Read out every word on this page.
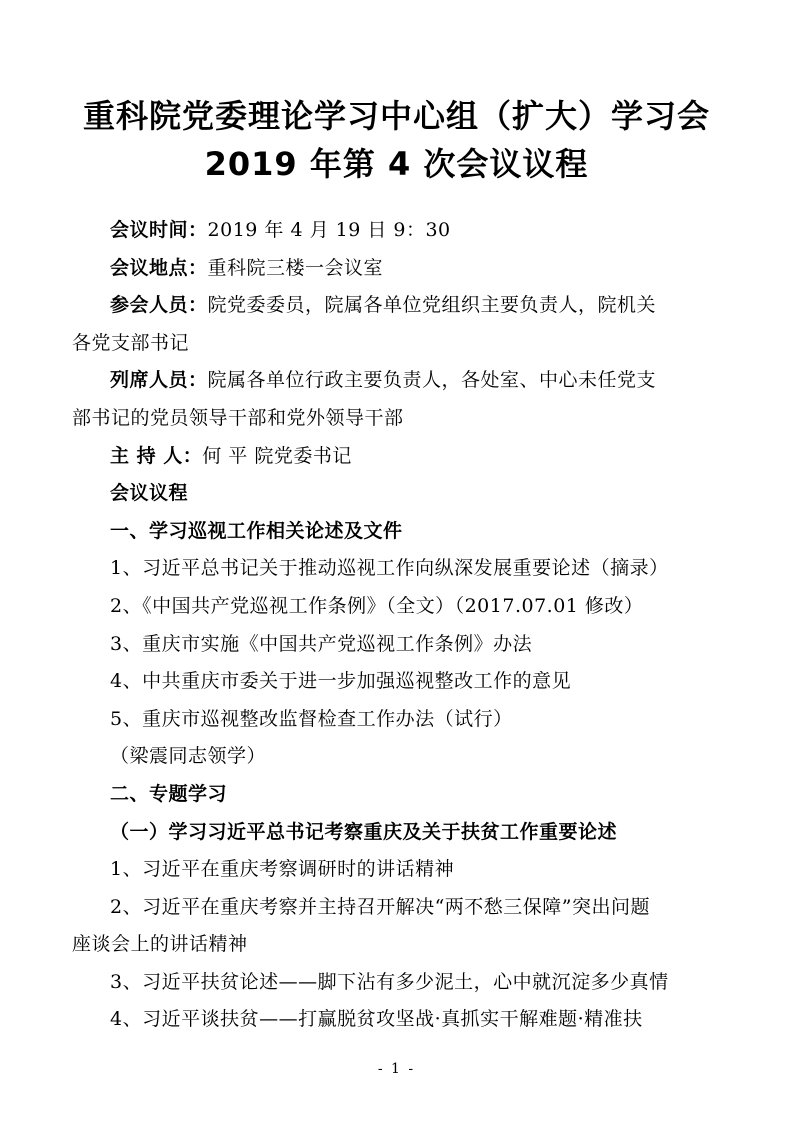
重科院党委理论学习中心组（扩大）学习会
2019 年第 4 次会议议程
会议时间：2019 年 4 月 19 日 9：30
会议地点：重科院三楼一会议室
参会人员：院党委委员，院属各单位党组织主要负责人，院机关
各党支部书记
列席人员：院属各单位行政主要负责人，各处室、中心未任党支
部书记的党员领导干部和党外领导干部
主 持 人：何 平 院党委书记
会议议程
一、学习巡视工作相关论述及文件
1、习近平总书记关于推动巡视工作向纵深发展重要论述（摘录）
2、《中国共产党巡视工作条例》（全文）（2017.07.01 修改）
3、重庆市实施《中国共产党巡视工作条例》办法
4、中共重庆市委关于进一步加强巡视整改工作的意见
5、重庆市巡视整改监督检查工作办法（试行）
（梁震同志领学）
二、专题学习
（一）学习习近平总书记考察重庆及关于扶贫工作重要论述
1、习近平在重庆考察调研时的讲话精神
2、习近平在重庆考察并主持召开解决“两不愁三保障”突出问题
座谈会上的讲话精神
3、习近平扶贫论述——脚下沾有多少泥土，心中就沉淀多少真情
4、习近平谈扶贫——打赢脱贫攻坚战·真抓实干解难题·精准扶
- 1 -
